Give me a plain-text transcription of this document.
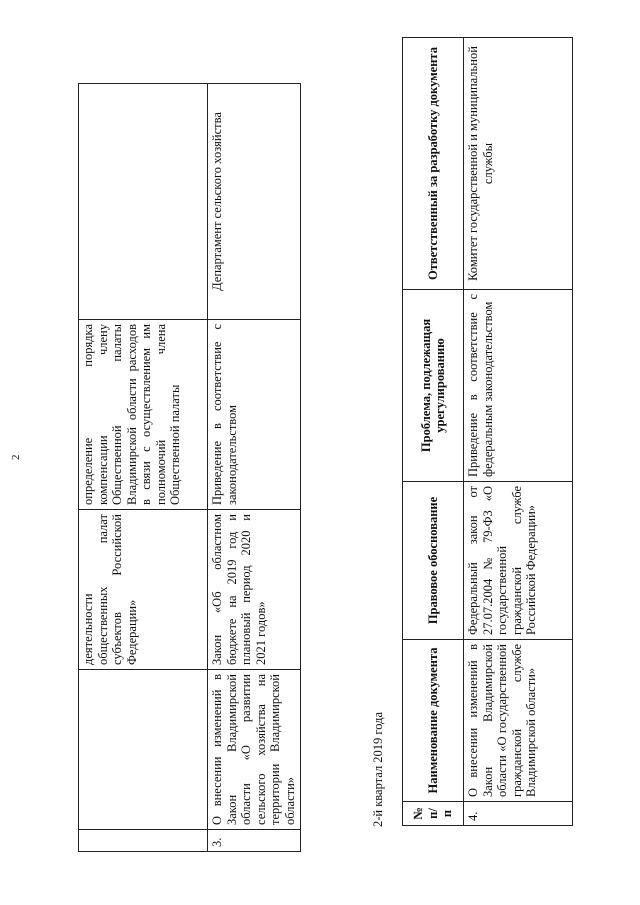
2
		деятельности общественных палат субъектов Российской Федерации»	определение порядка компенсации члену Общественной палаты Владимирской области расходов в связи с осуществлением им полномочий члена Общественной палаты	
3.	О внесении изменений в Закон Владимирской области «О развитии сельского хозяйства на территории Владимирской области»	Закон «Об областном бюджете на 2019 год и плановый период 2020 и 2021 годов»	Приведение в соответствие с законодательством	Департамент сельского хозяйства
2-й квартал 2019 года № п/п	Наименование документа	Правовое обоснование	Проблема, подлежащая урегулированию	Ответственный за разработку документа
4.	О внесении изменений в Закон Владимирской области «О государственной гражданской службе Владимирской области»	Федеральный закон от 27.07.2004 № 79-ФЗ «О государственной гражданской службе Российской Федерации»	Приведение в соответствие с федеральным законодательством	Комитет государственной и муниципальной службы
